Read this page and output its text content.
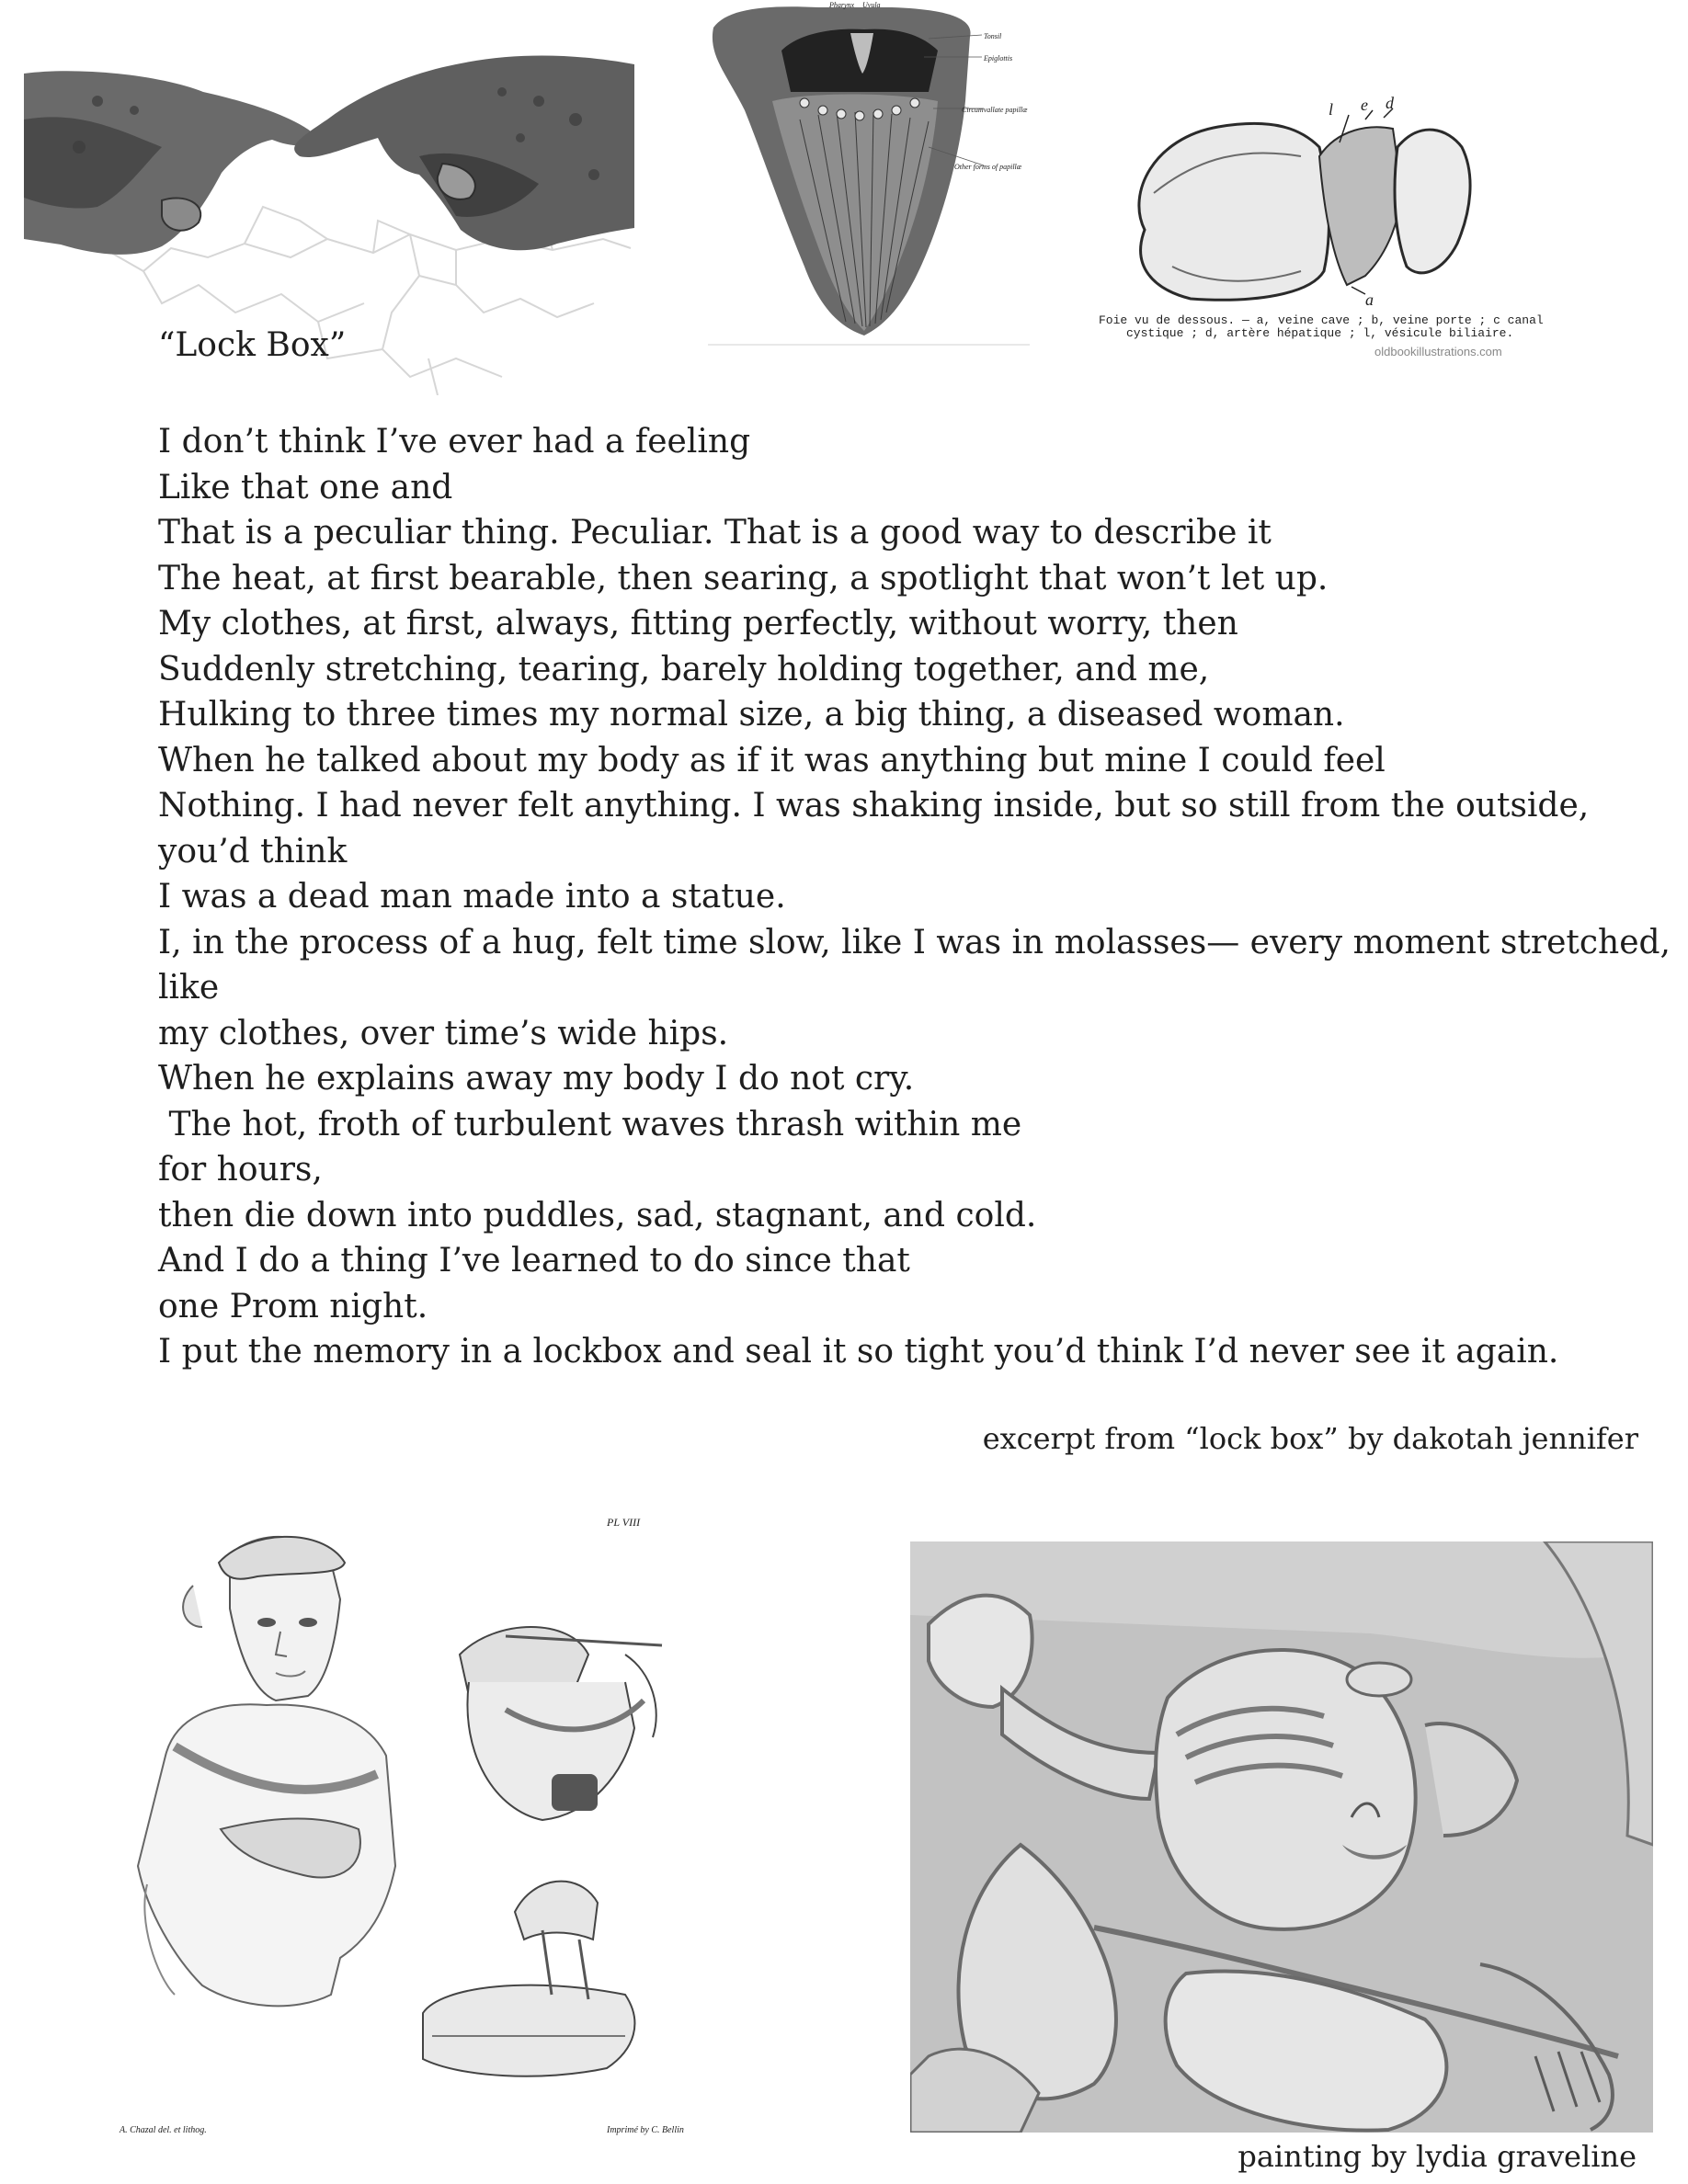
Pharynx Uvula
Tonsil
Epiglottis
Circumvallate papillæ
Other forms of papillæ
l e d
a
Foie vu de dessous. — a, veine cave ; b, veine porte ; c canal
cystique ; d, artère hépatique ; l, vésicule biliaire.
oldbookillustrations.com
“Lock Box”
I don’t think I’ve ever had a feeling
Like that one and
That is a peculiar thing. Peculiar. That is a good way to describe it
The heat, at first bearable, then searing, a spotlight that won’t let up.
My clothes, at first, always, fitting perfectly, without worry, then
Suddenly stretching, tearing, barely holding together, and me,
Hulking to three times my normal size, a big thing, a diseased woman.
When he talked about my body as if it was anything but mine I could feel
Nothing. I had never felt anything. I was shaking inside, but so still from the outside,
you’d think
I was a dead man made into a statue.
I, in the process of a hug, felt time slow, like I was in molasses— every moment stretched,
like
my clothes, over time’s wide hips.
When he explains away my body I do not cry.
The hot, froth of turbulent waves thrash within me
for hours,
then die down into puddles, sad, stagnant, and cold.
And I do a thing I’ve learned to do since that
one Prom night.
I put the memory in a lockbox and seal it so tight you’d think I’d never see it again.
excerpt from “lock box” by dakotah jennifer
PL VIII
A. Chazal del. et lithog.	Imprimé by C. Bellin
painting by lydia graveline
